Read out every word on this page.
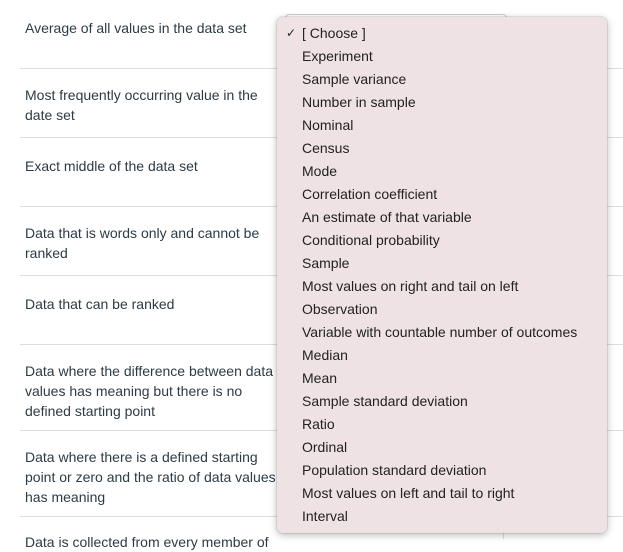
Average of all values in the data set
Most frequently occurring value in the date set
Exact middle of the data set
Data that is words only and cannot be ranked
Data that can be ranked
Data where the difference between data values has meaning but there is no defined starting point
Data where there is a defined starting point or zero and the ratio of data values has meaning
Data is collected from every member of
✓ [ Choose ]
Experiment
Sample variance
Number in sample
Nominal
Census
Mode
Correlation coefficient
An estimate of that variable
Conditional probability
Sample
Most values on right and tail on left
Observation
Variable with countable number of outcomes
Median
Mean
Sample standard deviation
Ratio
Ordinal
Population standard deviation
Most values on left and tail to right
Interval
